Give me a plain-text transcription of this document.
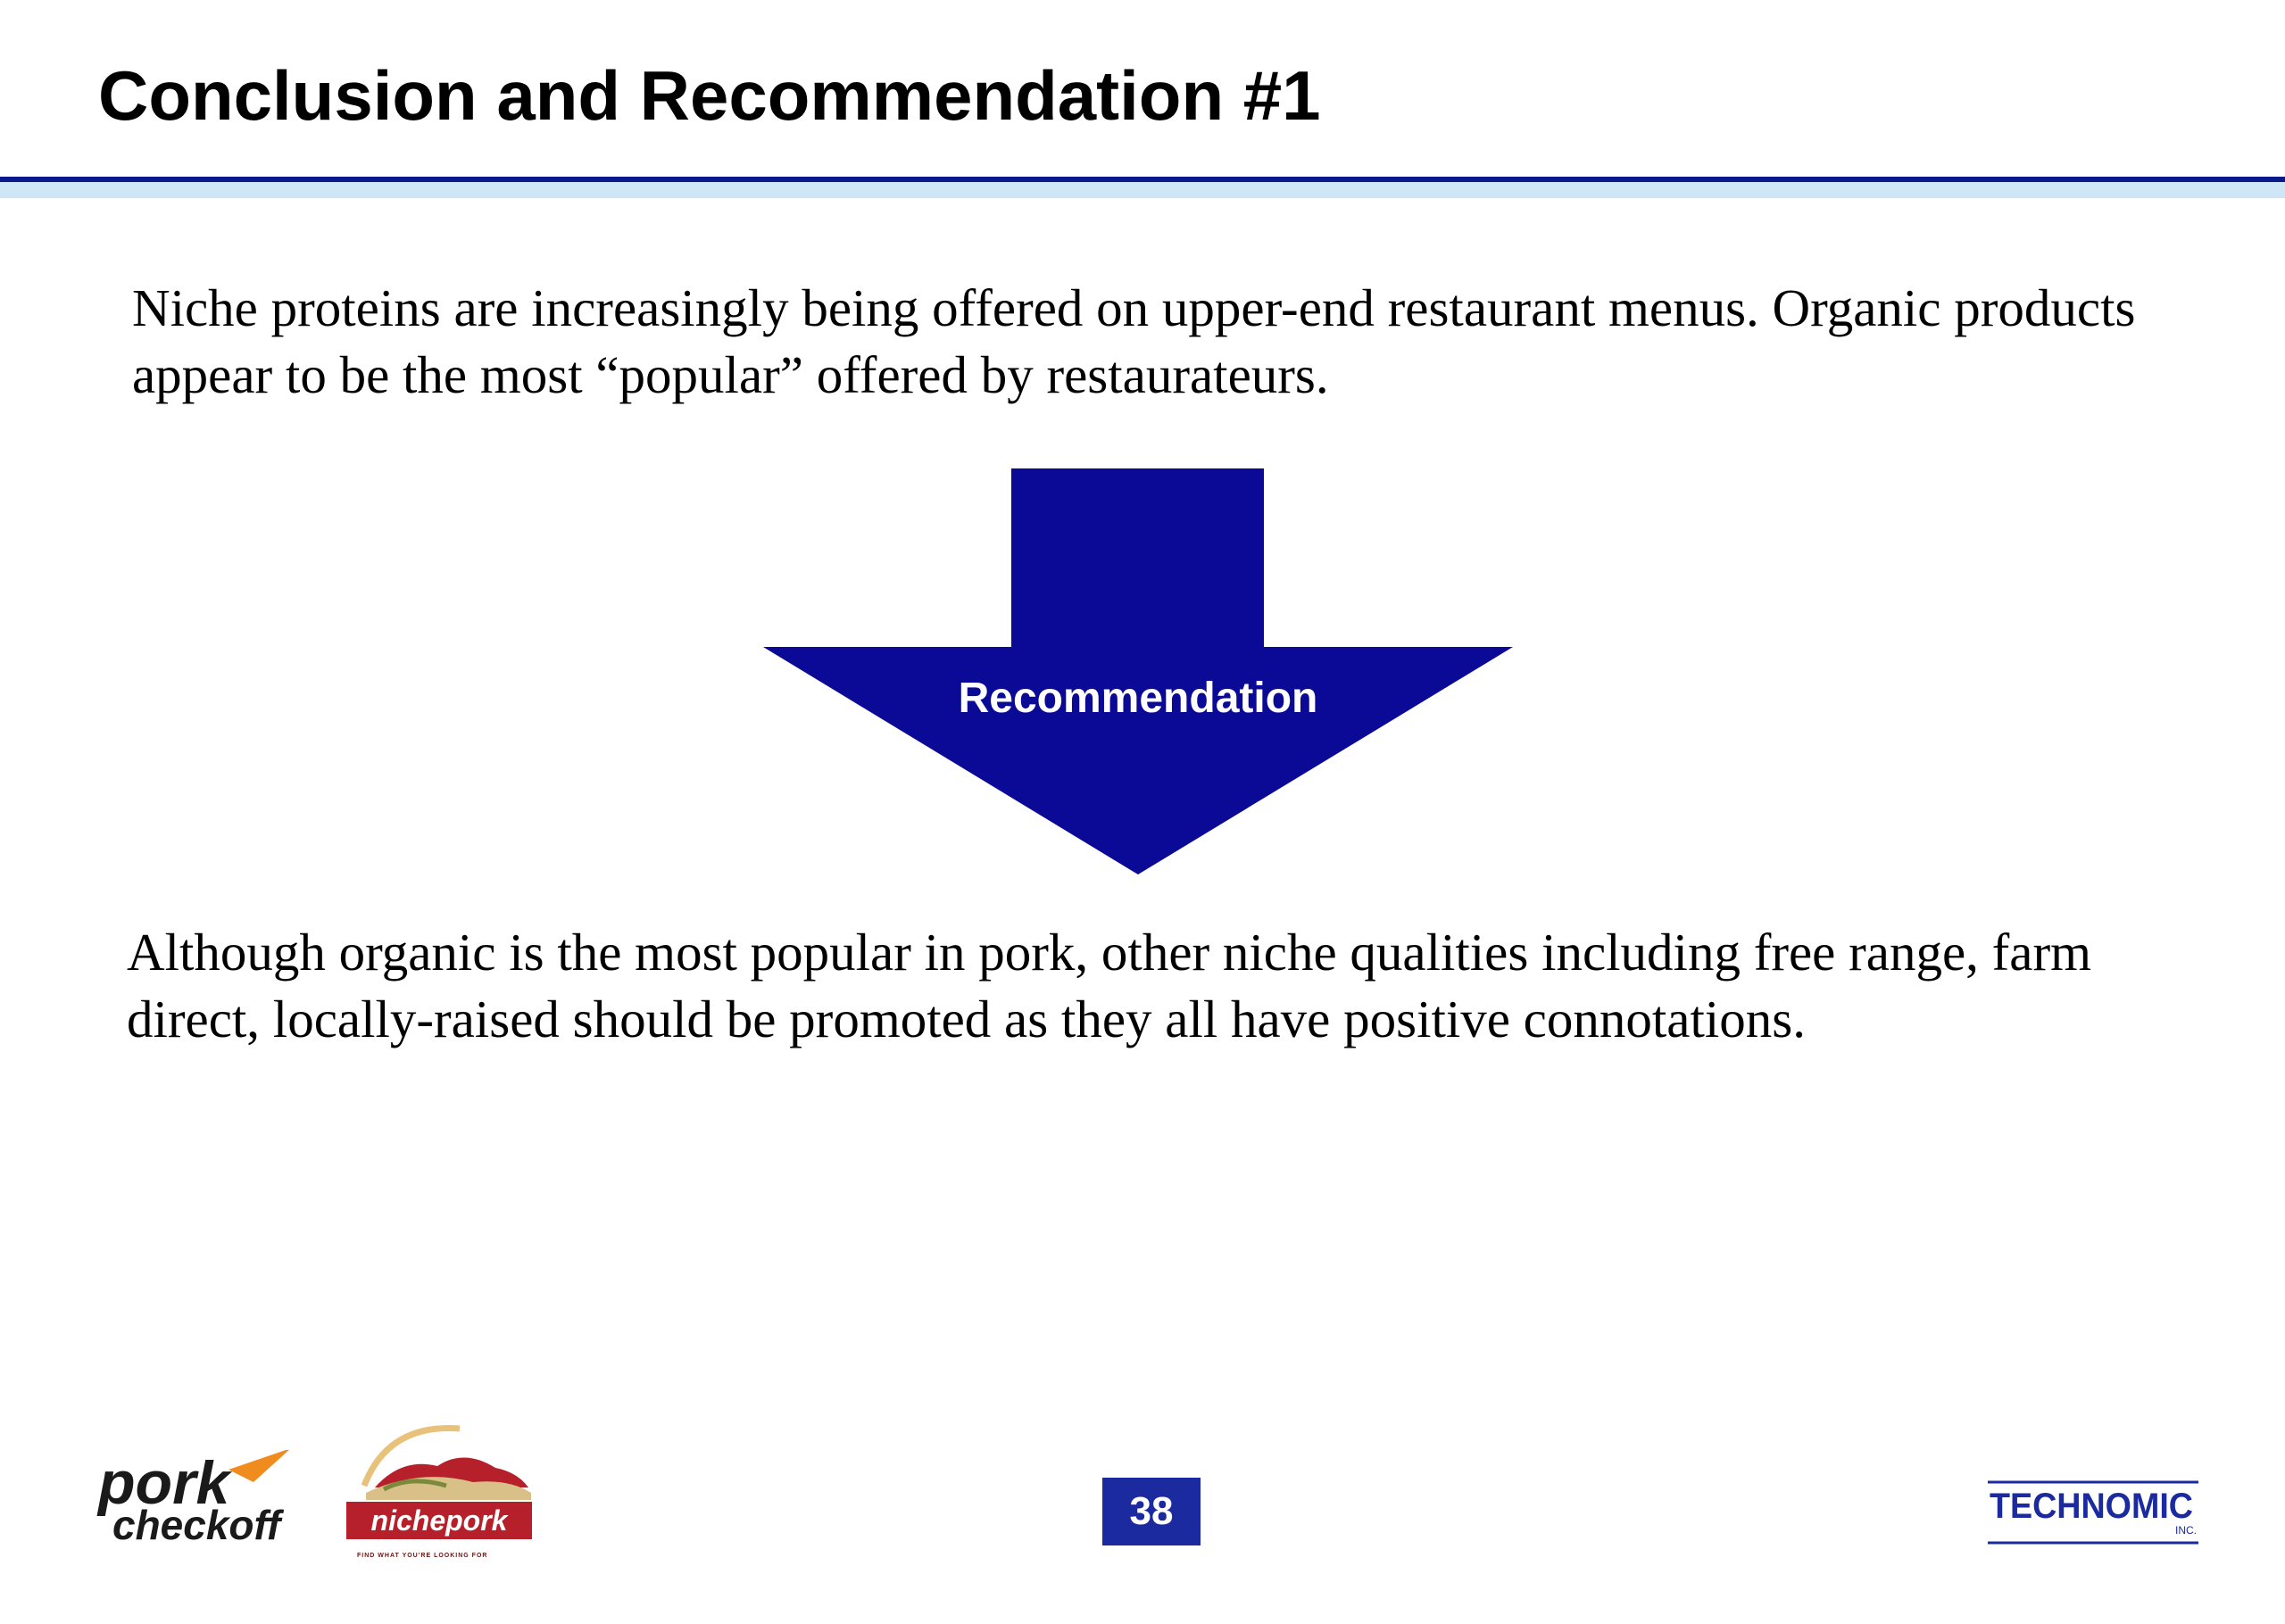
Conclusion and Recommendation #1
Niche proteins are increasingly being offered on upper-end restaurant menus. Organic products appear to be the most “popular” offered by restaurateurs.
Recommendation
Although organic is the most popular in pork, other niche qualities including free range, farm direct, locally-raised should be promoted as they all have positive connotations.
pork
checkoff	nichepork
FIND WHAT YOU'RE LOOKING FOR
38	TECHNOMIC
INC.
